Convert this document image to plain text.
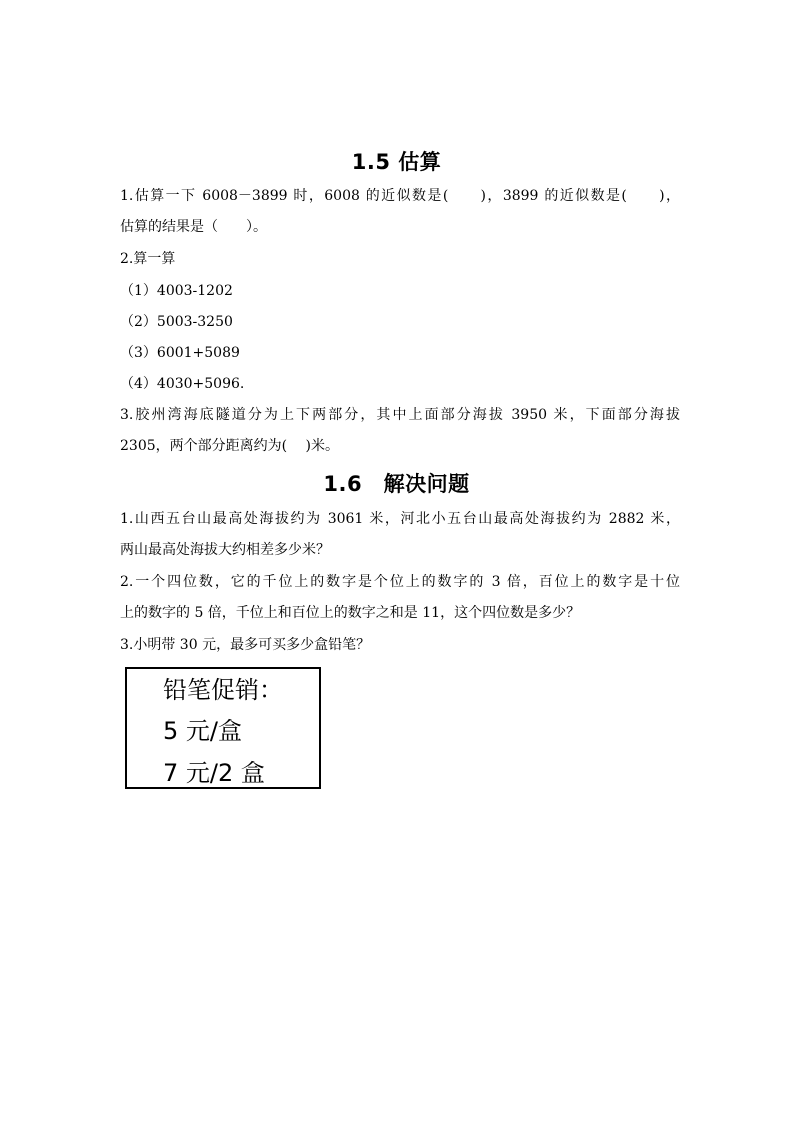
1.5 估算
1.估算一下 6008－3899 时，6008 的近似数是(　　)，3899 的近似数是(　　)，
估算的结果是（　　）。
2.算一算
（1）4003-1202
（2）5003-3250
（3）6001+5089
（4）4030+5096.
3.胶州湾海底隧道分为上下两部分，其中上面部分海拔 3950 米，下面部分海拔
2305，两个部分距离约为(　 )米。
1.6　解决问题
1.山西五台山最高处海拔约为 3061 米，河北小五台山最高处海拔约为 2882 米，
两山最高处海拔大约相差多少米？
2.一个四位数，它的千位上的数字是个位上的数字的 3 倍，百位上的数字是十位
上的数字的 5 倍，千位上和百位上的数字之和是 11，这个四位数是多少？
3.小明带 30 元，最多可买多少盒铅笔？
铅笔促销：
5 元/盒
7 元/2 盒
